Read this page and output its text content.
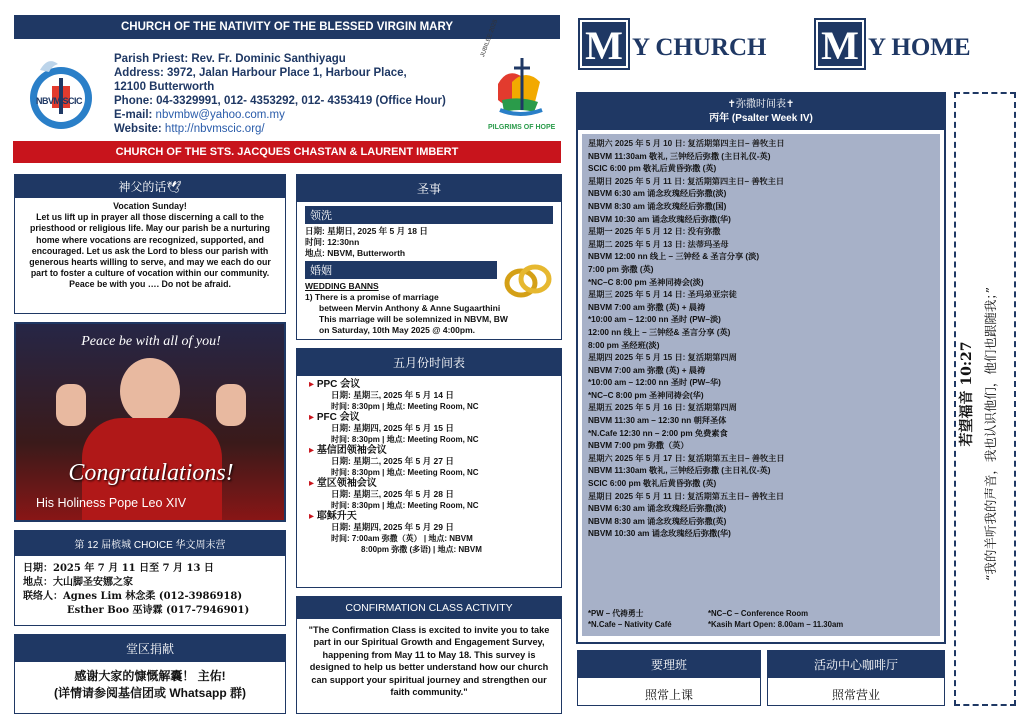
CHURCH OF THE NATIVITY OF THE BLESSED VIRGIN MARY
NBVM SCIC
Parish Priest: Rev. Fr. Dominic Santhiyagu
Address: 3972, Jalan Harbour Place 1, Harbour Place,
12100 Butterworth
Phone: 04-3329991, 012- 4353292, 012- 4353419 (Office Hour)
E-mail: nbvmbw@yahoo.com.my
Website: http://nbvmscic.org/
JUBILEE 2025
PILGRIMS OF HOPE
CHURCH OF THE STS. JACQUES CHASTAN & LAURENT IMBERT
M Y CHURCH M Y HOME
神父的话🕊
Vocation Sunday!
Let us lift up in prayer all those discerning a call to the priesthood or religious life. May our parish be a nurturing home where vocations are recognized, supported, and encouraged. Let us ask the Lord to bless our parish with generous hearts willing to serve, and may we each do our part to foster a culture of vocation within our community.
Peace be with you …. Do not be afraid.
Peace be with all of you!
Congratulations!
His Holiness Pope Leo XIV
第 12 届槟城 CHOICE 华文周末营
日期：2025 年 7 月 11 日至 7 月 13 日
地点：大山脚圣安娜之家
联络人：Agnes Lim 林念柔 (012-3986918)
Esther Boo 巫诗霖 (017-7946901)
堂区捐献
感谢大家的慷慨解囊！ 主佑!
(详情请参阅基信团或 Whatsapp 群)
圣事
领洗
日期: 星期日, 2025 年 5 月 18 日
时间: 12:30nn
地点: NBVM, Butterworth
婚姻
WEDDING BANNS
1) There is a promise of marriage
between Mervin Anthony & Anne Sugaarthini
This marriage will be solemnized in NBVM, BW
on Saturday, 10th May 2025 @ 4:00pm.
五月份时间表
▸ PPC 会议
日期: 星期三, 2025 年 5 月 14 日
时间: 8:30pm | 地点: Meeting Room, NC
▸ PFC 会议
日期: 星期四, 2025 年 5 月 15 日
时间: 8:30pm | 地点: Meeting Room, NC
▸ 基信团领袖会议
日期: 星期二, 2025 年 5 月 27 日
时间: 8:30pm | 地点: Meeting Room, NC
▸ 堂区领袖会议
日期: 星期三, 2025 年 5 月 28 日
时间: 8:30pm | 地点: Meeting Room, NC
▸ 耶稣升天
日期: 星期四, 2025 年 5 月 29 日
时间: 7:00am 弥撒（英） | 地点: NBVM
8:00pm 弥撒 (多语) | 地点: NBVM
CONFIRMATION CLASS ACTIVITY
"The Confirmation Class is excited to invite you to take part in our Spiritual Growth and Engagement Survey, happening from May 11 to May 18. This survey is designed to help us better understand how our church can support your spiritual journey and strengthen our faith community."
✝弥撒时间表✝
丙年 (Psalter Week IV)
星期六 2025 年 5 月 10 日: 复活期第四主日– 善牧主日
NBVM 11:30am 敬礼, 三钟经后弥撒 (主日礼仪-英)
SCIC 6:00 pm 敬礼后黄昏弥撒 (英)
星期日 2025 年 5 月 11 日: 复活期第四主日– 善牧主日
NBVM 6:30 am 诵念玫瑰经后弥撒(淡)
NBVM 8:30 am 诵念玫瑰经后弥撒(国)
NBVM 10:30 am 诵念玫瑰经后弥撒(华)
星期一 2025 年 5 月 12 日: 没有弥撒
星期二 2025 年 5 月 13 日: 法蒂玛圣母
NBVM 12:00 nn 线上 – 三钟经 & 圣言分享 (淡)
7:00 pm 弥撒 (英)
*NC–C 8:00 pm 圣神同祷会(淡)
星期三 2025 年 5 月 14 日: 圣玛弟亚宗徒
NBVM 7:00 am 弥撒 (英) + 晨祷
*10:00 am – 12:00 nn 圣时 (PW–淡)
12:00 nn 线上 – 三钟经& 圣言分享 (英)
8:00 pm 圣经班(淡)
星期四 2025 年 5 月 15 日: 复活期第四周
NBVM 7:00 am 弥撒 (英) + 晨祷
*10:00 am – 12:00 nn 圣时 (PW–华)
*NC–C 8:00 pm 圣神同祷会(华)
星期五 2025 年 5 月 16 日: 复活期第四周
NBVM 11:30 am – 12:30 nn 朝拜圣体
*N.Cafe 12:30 nn – 2:00 pm 免费素食
NBVM 7:00 pm 弥撒（英）
星期六 2025 年 5 月 17 日: 复活期第五主日– 善牧主日
NBVM 11:30am 敬礼, 三钟经后弥撒 (主日礼仪-英)
SCIC 6:00 pm 敬礼后黄昏弥撒 (英)
星期日 2025 年 5 月 11 日: 复活期第五主日– 善牧主日
NBVM 6:30 am 诵念玫瑰经后弥撒(淡)
NBVM 8:30 am 诵念玫瑰经后弥撒(英)
NBVM 10:30 am 诵念玫瑰经后弥撒(华)
*PW – 代祷勇士	*NC–C – Conference Room
*N.Cafe – Nativity Café	*Kasih Mart Open: 8.00am – 11.30am
要理班
照常上课
活动中心咖啡厅
照常营业
若望福音 10:27 “我的羊听我的声音，我也认识他们，他们也跟随我；”
